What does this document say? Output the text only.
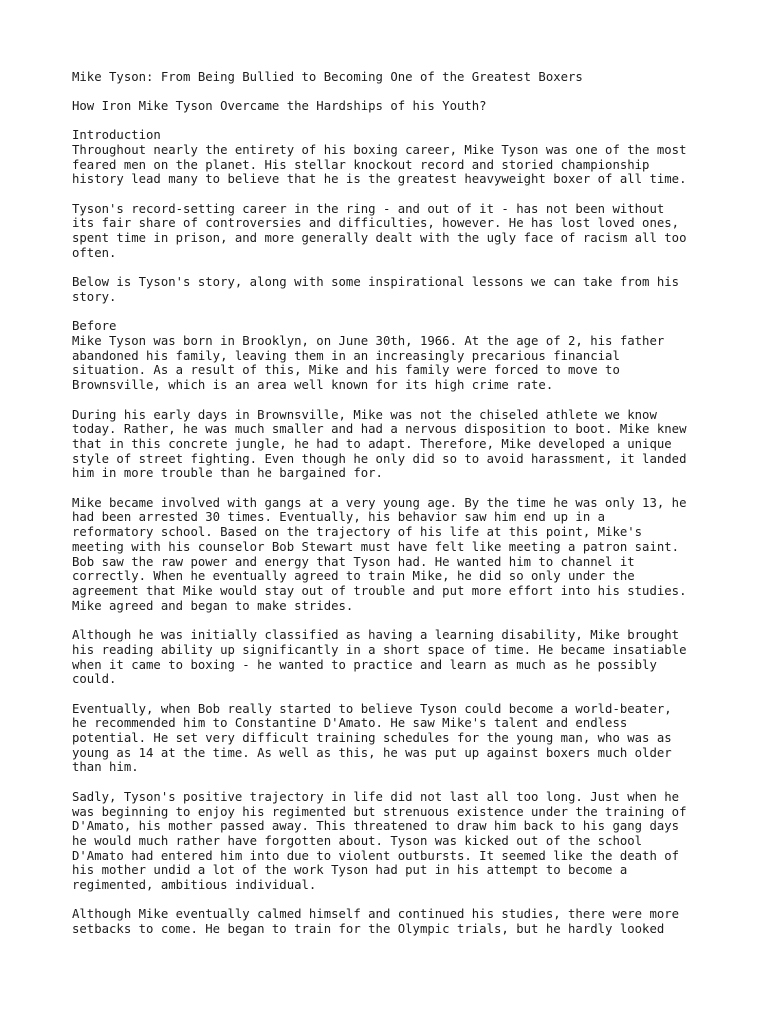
Mike Tyson: From Being Bullied to Becoming One of the Greatest Boxers

How Iron Mike Tyson Overcame the Hardships of his Youth?

Introduction
Throughout nearly the entirety of his boxing career, Mike Tyson was one of the most
feared men on the planet. His stellar knockout record and storied championship
history lead many to believe that he is the greatest heavyweight boxer of all time.

Tyson's record-setting career in the ring - and out of it - has not been without
its fair share of controversies and difficulties, however. He has lost loved ones,
spent time in prison, and more generally dealt with the ugly face of racism all too
often.

Below is Tyson's story, along with some inspirational lessons we can take from his
story.

Before
Mike Tyson was born in Brooklyn, on June 30th, 1966. At the age of 2, his father
abandoned his family, leaving them in an increasingly precarious financial
situation. As a result of this, Mike and his family were forced to move to
Brownsville, which is an area well known for its high crime rate.

During his early days in Brownsville, Mike was not the chiseled athlete we know
today. Rather, he was much smaller and had a nervous disposition to boot. Mike knew
that in this concrete jungle, he had to adapt. Therefore, Mike developed a unique
style of street fighting. Even though he only did so to avoid harassment, it landed
him in more trouble than he bargained for.

Mike became involved with gangs at a very young age. By the time he was only 13, he
had been arrested 30 times. Eventually, his behavior saw him end up in a
reformatory school. Based on the trajectory of his life at this point, Mike's
meeting with his counselor Bob Stewart must have felt like meeting a patron saint.
Bob saw the raw power and energy that Tyson had. He wanted him to channel it
correctly. When he eventually agreed to train Mike, he did so only under the
agreement that Mike would stay out of trouble and put more effort into his studies.
Mike agreed and began to make strides.

Although he was initially classified as having a learning disability, Mike brought
his reading ability up significantly in a short space of time. He became insatiable
when it came to boxing - he wanted to practice and learn as much as he possibly
could.

Eventually, when Bob really started to believe Tyson could become a world-beater,
he recommended him to Constantine D'Amato. He saw Mike's talent and endless
potential. He set very difficult training schedules for the young man, who was as
young as 14 at the time. As well as this, he was put up against boxers much older
than him.

Sadly, Tyson's positive trajectory in life did not last all too long. Just when he
was beginning to enjoy his regimented but strenuous existence under the training of
D'Amato, his mother passed away. This threatened to draw him back to his gang days
he would much rather have forgotten about. Tyson was kicked out of the school
D'Amato had entered him into due to violent outbursts. It seemed like the death of
his mother undid a lot of the work Tyson had put in his attempt to become a
regimented, ambitious individual.

Although Mike eventually calmed himself and continued his studies, there were more
setbacks to come. He began to train for the Olympic trials, but he hardly looked
